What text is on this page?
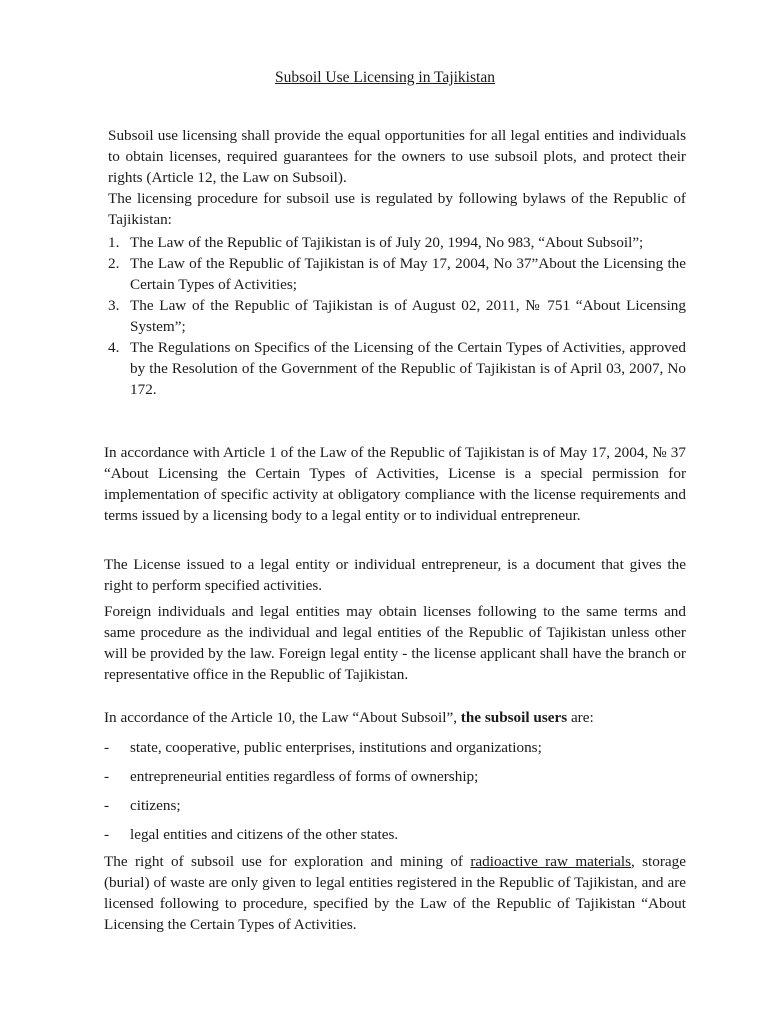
Subsoil Use Licensing in Tajikistan

Subsoil use licensing shall provide the equal opportunities for all legal entities and individuals to obtain licenses, required guarantees for the owners to use subsoil plots, and protect their rights (Article 12, the Law on Subsoil).

The licensing procedure for subsoil use is regulated by following bylaws of the Republic of Tajikistan:

1. The Law of the Republic of Tajikistan is of July 20, 1994, No 983, “About Subsoil”;
2. The Law of the Republic of Tajikistan is of May 17, 2004, No 37”About the Licensing the Certain Types of Activities;
3. The Law of the Republic of Tajikistan is of August 02, 2011, № 751 “About Licensing System”;
4. The Regulations on Specifics of the Licensing of the Certain Types of Activities, approved by the Resolution of the Government of the Republic of Tajikistan is of April 03, 2007, No 172.

In accordance with Article 1 of the Law of the Republic of Tajikistan is of May 17, 2004, № 37 “About Licensing the Certain Types of Activities, License is a special permission for implementation of specific activity at obligatory compliance with the license requirements and terms issued by a licensing body to a legal entity or to individual entrepreneur.

The License issued to a legal entity or individual entrepreneur, is a document that gives the right to perform specified activities.

Foreign individuals and legal entities may obtain licenses following to the same terms and same procedure as the individual and legal entities of the Republic of Tajikistan unless other will be provided by the law. Foreign legal entity - the license applicant shall have the branch or representative office in the Republic of Tajikistan.

In accordance of the Article 10, the Law “About Subsoil”, the subsoil users are:

- state, cooperative, public enterprises, institutions and organizations;
- entrepreneurial entities regardless of forms of ownership;
- citizens;
- legal entities and citizens of the other states.

The right of subsoil use for exploration and mining of radioactive raw materials, storage (burial) of waste are only given to legal entities registered in the Republic of Tajikistan, and are licensed following to procedure, specified by the Law of the Republic of Tajikistan “About Licensing the Certain Types of Activities.
